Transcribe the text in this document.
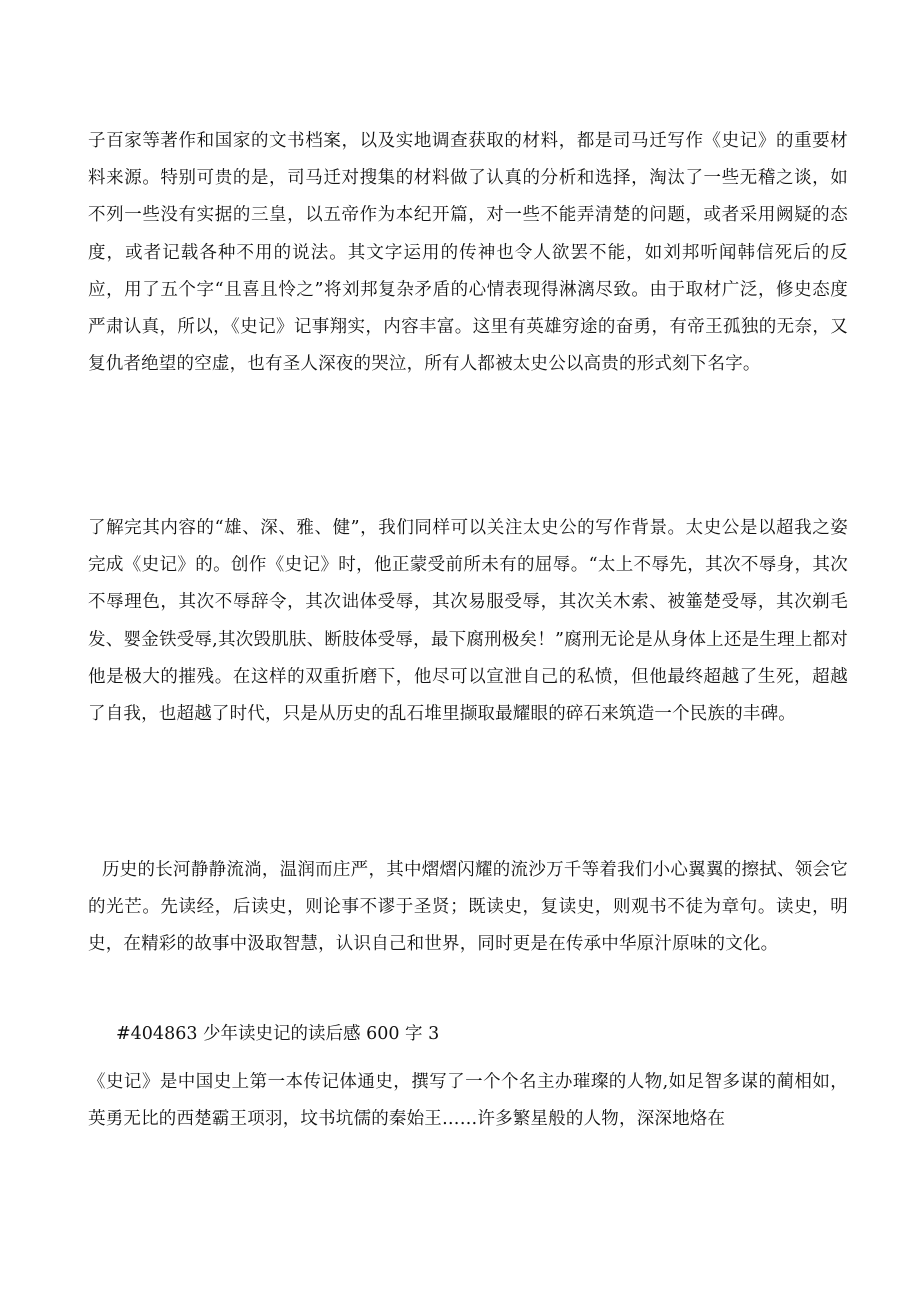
子百家等著作和国家的文书档案，以及实地调查获取的材料，都是司马迁写作《史记》的重要材料来源。特别可贵的是，司马迁对搜集的材料做了认真的分析和选择，淘汰了一些无稽之谈，如不列一些没有实据的三皇，以五帝作为本纪开篇，对一些不能弄清楚的问题，或者采用阙疑的态度，或者记载各种不用的说法。其文字运用的传神也令人欲罢不能，如刘邦听闻韩信死后的反应，用了五个字“且喜且怜之”将刘邦复杂矛盾的心情表现得淋漓尽致。由于取材广泛，修史态度严肃认真，所以，《史记》记事翔实，内容丰富。这里有英雄穷途的奋勇，有帝王孤独的无奈，又复仇者绝望的空虚，也有圣人深夜的哭泣，所有人都被太史公以高贵的形式刻下名字。

了解完其内容的“雄、深、雅、健”，我们同样可以关注太史公的写作背景。太史公是以超我之姿完成《史记》的。创作《史记》时，他正蒙受前所未有的屈辱。“太上不辱先，其次不辱身，其次不辱理色，其次不辱辞令，其次诎体受辱，其次易服受辱，其次关木索、被箠楚受辱，其次剃毛发、婴金铁受辱,其次毁肌肤、断肢体受辱，最下腐刑极矣！”腐刑无论是从身体上还是生理上都对他是极大的摧残。在这样的双重折磨下，他尽可以宣泄自己的私愤，但他最终超越了生死，超越了自我，也超越了时代，只是从历史的乱石堆里撷取最耀眼的碎石来筑造一个民族的丰碑。

历史的长河静静流淌，温润而庄严，其中熠熠闪耀的流沙万千等着我们小心翼翼的擦拭、领会它的光芒。先读经，后读史，则论事不谬于圣贤；既读史，复读史，则观书不徒为章句。读史，明史，在精彩的故事中汲取智慧，认识自己和世界，同时更是在传承中华原汁原味的文化。

#404863 少年读史记的读后感 600 字 3

《史记》是中国史上第一本传记体通史，撰写了一个个名主办璀璨的人物,如足智多谋的蔺相如，英勇无比的西楚霸王项羽，坟书坑儒的秦始王……许多繁星般的人物，深深地烙在
